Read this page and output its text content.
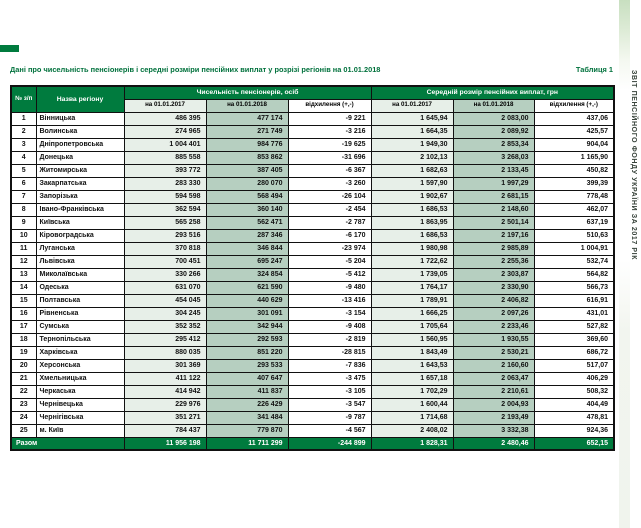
Дані про чисельність пенсіонерів і середні розміри пенсійних виплат у розрізі регіонів на 01.01.2018	Таблиця 1
№ з/п	Назва регіону	Чисельність пенсіонерів, осіб			Середній розмір пенсійних виплат, грн		
		на 01.01.2017	на 01.01.2018	відхилення (+,-)	на 01.01.2017	на 01.01.2018	відхилення (+,-)
1	Вінницька	486 395	477 174	-9 221	1 645,94	2 083,00	437,06
2	Волинська	274 965	271 749	-3 216	1 664,35	2 089,92	425,57
3	Дніпропетровська	1 004 401	984 776	-19 625	1 949,30	2 853,34	904,04
4	Донецька	885 558	853 862	-31 696	2 102,13	3 268,03	1 165,90
5	Житомирська	393 772	387 405	-6 367	1 682,63	2 133,45	450,82
6	Закарпатська	283 330	280 070	-3 260	1 597,90	1 997,29	399,39
7	Запорізька	594 598	568 494	-26 104	1 902,67	2 681,15	778,48
8	Івано-Франківська	362 594	360 140	-2 454	1 686,53	2 148,60	462,07
9	Київська	565 258	562 471	-2 787	1 863,95	2 501,14	637,19
10	Кіровоградська	293 516	287 346	-6 170	1 686,53	2 197,16	510,63
11	Луганська	370 818	346 844	-23 974	1 980,98	2 985,89	1 004,91
12	Львівська	700 451	695 247	-5 204	1 722,62	2 255,36	532,74
13	Миколаївська	330 266	324 854	-5 412	1 739,05	2 303,87	564,82
14	Одеська	631 070	621 590	-9 480	1 764,17	2 330,90	566,73
15	Полтавська	454 045	440 629	-13 416	1 789,91	2 406,82	616,91
16	Рівненська	304 245	301 091	-3 154	1 666,25	2 097,26	431,01
17	Сумська	352 352	342 944	-9 408	1 705,64	2 233,46	527,82
18	Тернопільська	295 412	292 593	-2 819	1 560,95	1 930,55	369,60
19	Харківська	880 035	851 220	-28 815	1 843,49	2 530,21	686,72
20	Херсонська	301 369	293 533	-7 836	1 643,53	2 160,60	517,07
21	Хмельницька	411 122	407 647	-3 475	1 657,18	2 063,47	406,29
22	Черкаська	414 942	411 837	-3 105	1 702,29	2 210,61	508,32
23	Чернівецька	229 976	226 429	-3 547	1 600,44	2 004,93	404,49
24	Чернігівська	351 271	341 484	-9 787	1 714,68	2 193,49	478,81
25	м. Київ	784 437	779 870	-4 567	2 408,02	3 332,38	924,36
Разом		11 956 198	11 711 299	-244 899	1 828,31	2 480,46	652,15
ЗВІТ ПЕНСІЙНОГО ФОНДУ УКРАЇНИ ЗА 2017 РІК
